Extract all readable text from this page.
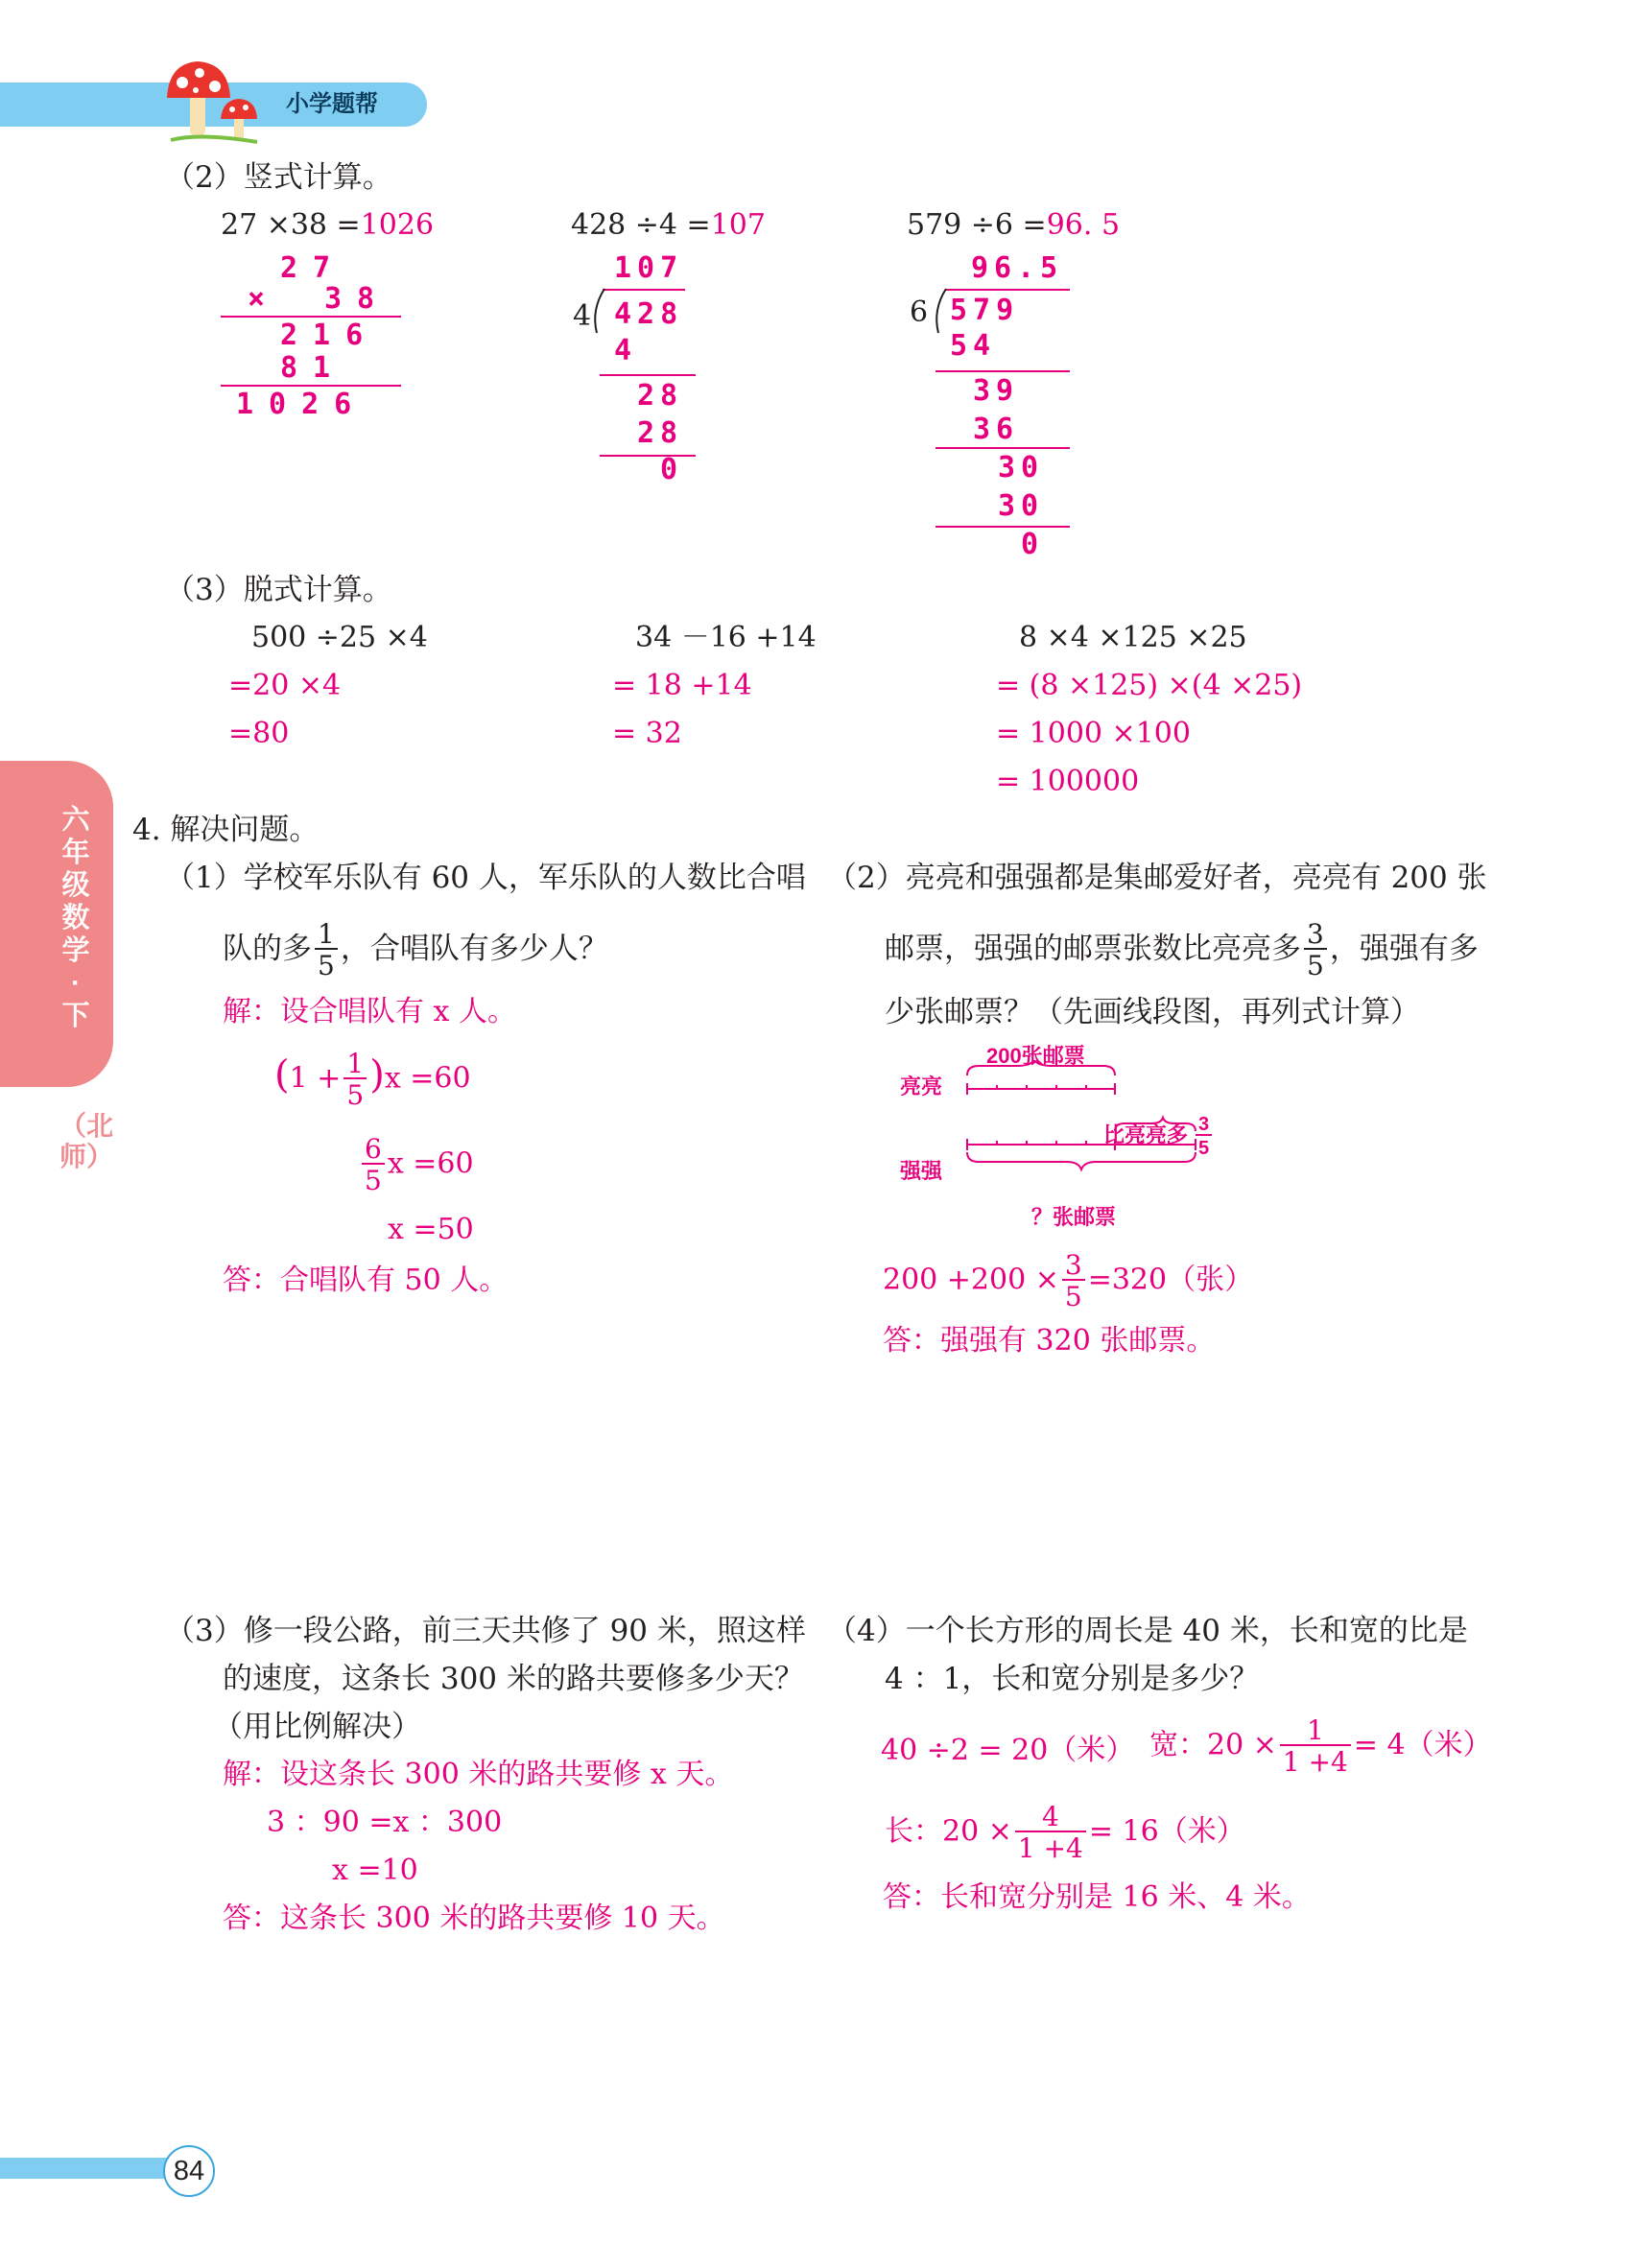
小学题帮
六年级数学·下
（北师）
（2）竖式计算。
27 ×38 =1026
27
× 38
216
81
1026
428 ÷4 =107
107
4 428
4
28
28
0
579 ÷6 =96. 5
96.5
6 579
54
39
36
30
30
0
（3）脱式计算。
500 ÷25 ×4
=20 ×4
=80
34 －16 +14
= 18 +14
= 32
8 ×4 ×125 ×25
= (8 ×125) ×(4 ×25)
= 1000 ×100
= 100000
4. 解决问题。
（1）学校军乐队有 60 人，军乐队的人数比合唱
队的多 $\frac{1}{5}$ ，合唱队有多少人？
解：设合唱队有 x 人。
$(1 + \frac{1}{5} )x =60$
$\frac{6}{5}$ x =60
x =50
答：合唱队有 50 人。
（2）亮亮和强强都是集邮爱好者，亮亮有 200 张
邮票，强强的邮票张数比亮亮多 $\frac{3}{5}$ ，强强有多
少张邮票？（先画线段图，再列式计算）
200张邮票
亮亮
比亮亮多 $\frac{3}{5}$
强强
？张邮票
$200 +200 \times \frac{3}{5} =320$（张）
答：强强有 320 张邮票。
（3）修一段公路，前三天共修了 90 米，照这样
的速度，这条长 300 米的路共要修多少天？
（用比例解决）
解：设这条长 300 米的路共要修 x 天。
3 ：90 =x ：300
x =10
答：这条长 300 米的路共要修 10 天。
（4）一个长方形的周长是 40 米，长和宽的比是
4 ：1，长和宽分别是多少？
40 ÷2 = 20（米） 宽：$20 \times \frac{1}{1 +4} = 4$（米）
长：$20 \times \frac{4}{1 +4} = 16$（米）
答：长和宽分别是 16 米、4 米。
84
